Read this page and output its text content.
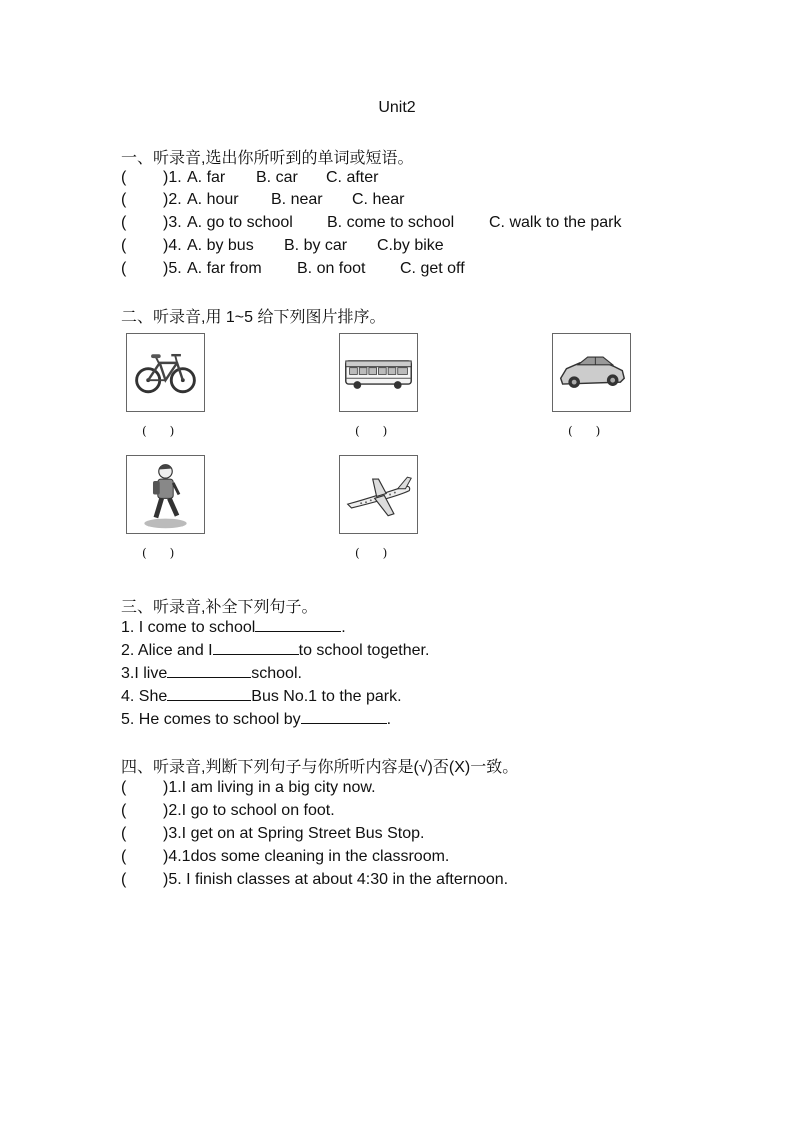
Unit2
一、听录音,选出你所听到的单词或短语。
( )1. A. far B. car C. after
( )2. A. hour B. near C. hear
( )3. A. go to school B. come to school C. walk to the park
( )4. A. by bus B. by car C.by bike
( )5. A. far from B. on foot C. get off
二、听录音,用 1~5 给下列图片排序。
(      )	(      )	(      )
(      )	(      )
三、听录音,补全下列句子。
1. I come to school	.
2. Alice and I	to school together.
3.I live	school.
4. She	Bus No.1 to the park.
5. He comes to school by	.
四、听录音,判断下列句子与你所听内容是(√)否(X)一致。
( )1.I am living in a big city now.
( )2.I go to school on foot.
( )3.I get on at Spring Street Bus Stop.
( )4.1dos some cleaning in the classroom.
( )5. I finish classes at about 4:30 in the afternoon.
